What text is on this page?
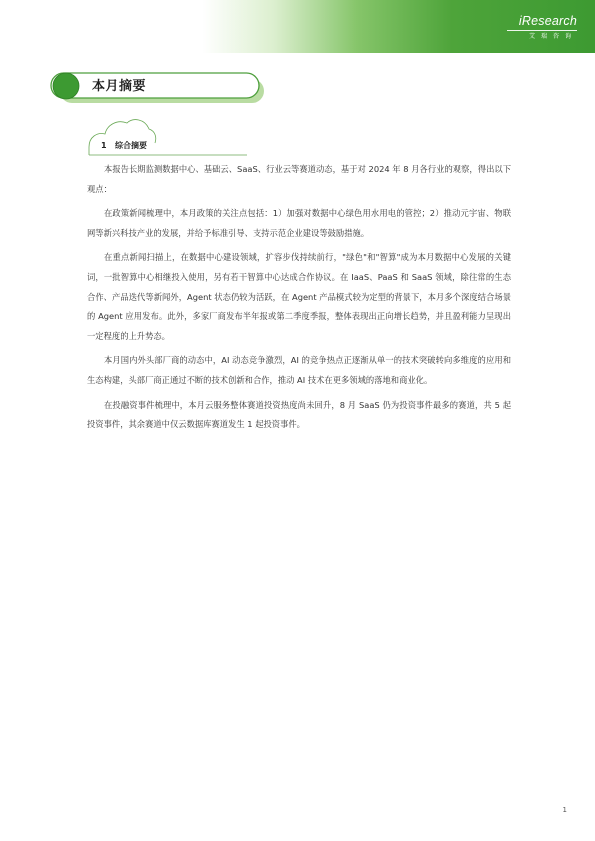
iResearch
艾瑞咨询
本月摘要
1 综合摘要

本报告长期监测数据中心、基础云、SaaS、行业云等赛道动态，基于对 2024 年 8 月各行业的观察，得出以下观点：

在政策新闻梳理中，本月政策的关注点包括：1）加强对数据中心绿色用水用电的管控；2）推动元宇宙、物联网等新兴科技产业的发展，并给予标准引导、支持示范企业建设等鼓励措施。

在重点新闻扫描上，在数据中心建设领域，扩容步伐持续前行，"绿色"和"智算"成为本月数据中心发展的关键词，一批智算中心相继投入使用，另有若干智算中心达成合作协议。在 IaaS、PaaS 和 SaaS 领域，除往常的生态合作、产品迭代等新闻外，Agent 状态仍较为活跃，在 Agent 产品模式较为定型的背景下，本月多个深度结合场景的 Agent 应用发布。此外，多家厂商发布半年报或第二季度季报，整体表现出正向增长趋势，并且盈利能力呈现出一定程度的上升势态。

本月国内外头部厂商的动态中，AI 动态竞争激烈，AI 的竞争热点正逐渐从单一的技术突破转向多维度的应用和生态构建，头部厂商正通过不断的技术创新和合作，推动 AI 技术在更多领域的落地和商业化。

在投融资事件梳理中，本月云服务整体赛道投资热度尚未回升，8 月 SaaS 仍为投资事件最多的赛道，共 5 起投资事件，其余赛道中仅云数据库赛道发生 1 起投资事件。

1
